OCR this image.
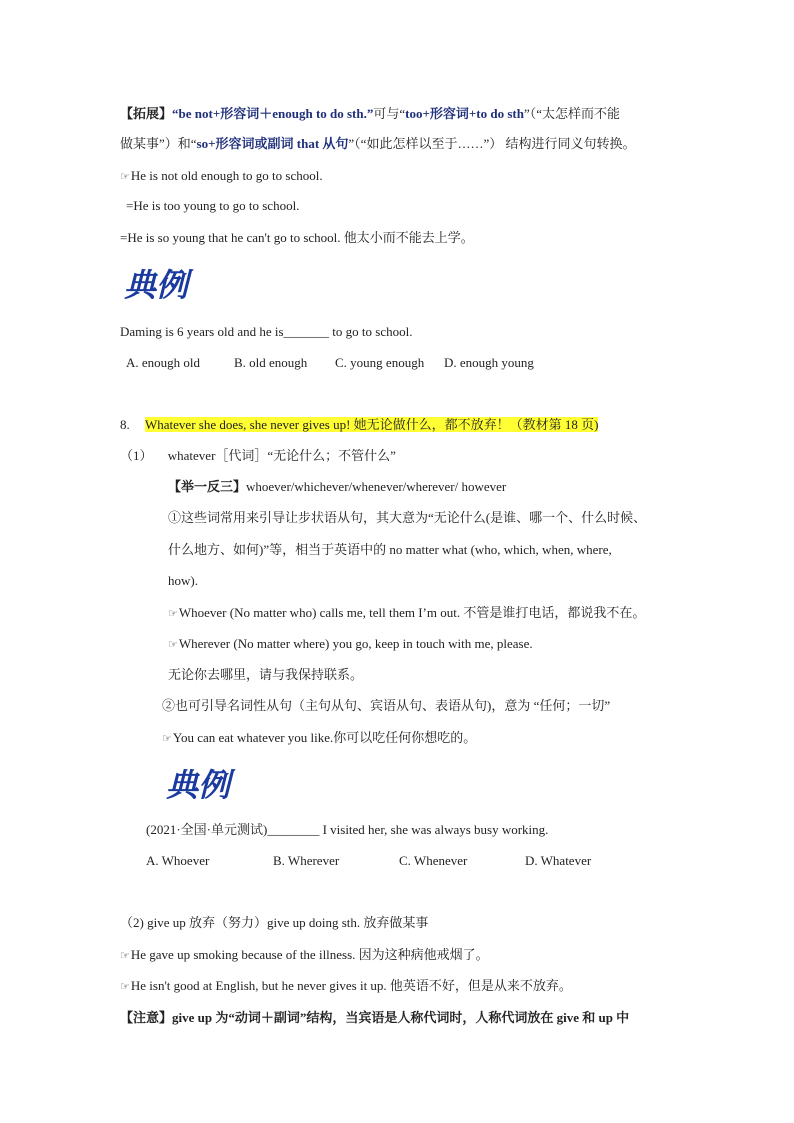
【拓展】“be not+形容词＋enough to do sth.”可与“too+形容词+to do sth”（“太怎样而不能
做某事”）和“so+形容词或副词 that 从句”（“如此怎样以至于……”） 结构进行同义句转换。
☞He is not old enough to go to school.
=He is too young to go to school.
=He is so young that he can't go to school. 他太小而不能去上学。
典例
Daming is 6 years old and he is_______ to go to school.
A. enough old	B. old enough C. young enough D. enough young
8. Whatever she does, she never gives up! 她无论做什么，都不放弃！（教材第 18 页)
（1） whatever［代词］“无论什么；不管什么”
【举一反三】whoever/whichever/whenever/wherever/ however
①这些词常用来引导让步状语从句，其大意为“无论什么(是谁、哪一个、什么时候、
什么地方、如何)”等，相当于英语中的 no matter what (who, which, when, where,
how).
☞Whoever (No matter who) calls me, tell them I’m out. 不管是谁打电话，都说我不在。
☞Wherever (No matter where) you go, keep in touch with me, please.
无论你去哪里，请与我保持联系。
②也可引导名词性从句（主句从句、宾语从句、表语从句)，意为 “任何；一切”
☞You can eat whatever you like.你可以吃任何你想吃的。
典例
(2021·全国·单元测试)________ I visited her, she was always busy working.
A. Whoever	B. Wherever	C. Whenever	D. Whatever
（2) give up 放弃（努力）give up doing sth. 放弃做某事
☞He gave up smoking because of the illness. 因为这种病他戒烟了。
☞He isn't good at English, but he never gives it up. 他英语不好，但是从来不放弃。
【注意】give up 为“动词＋副词”结构，当宾语是人称代词时，人称代词放在 give 和 up 中
